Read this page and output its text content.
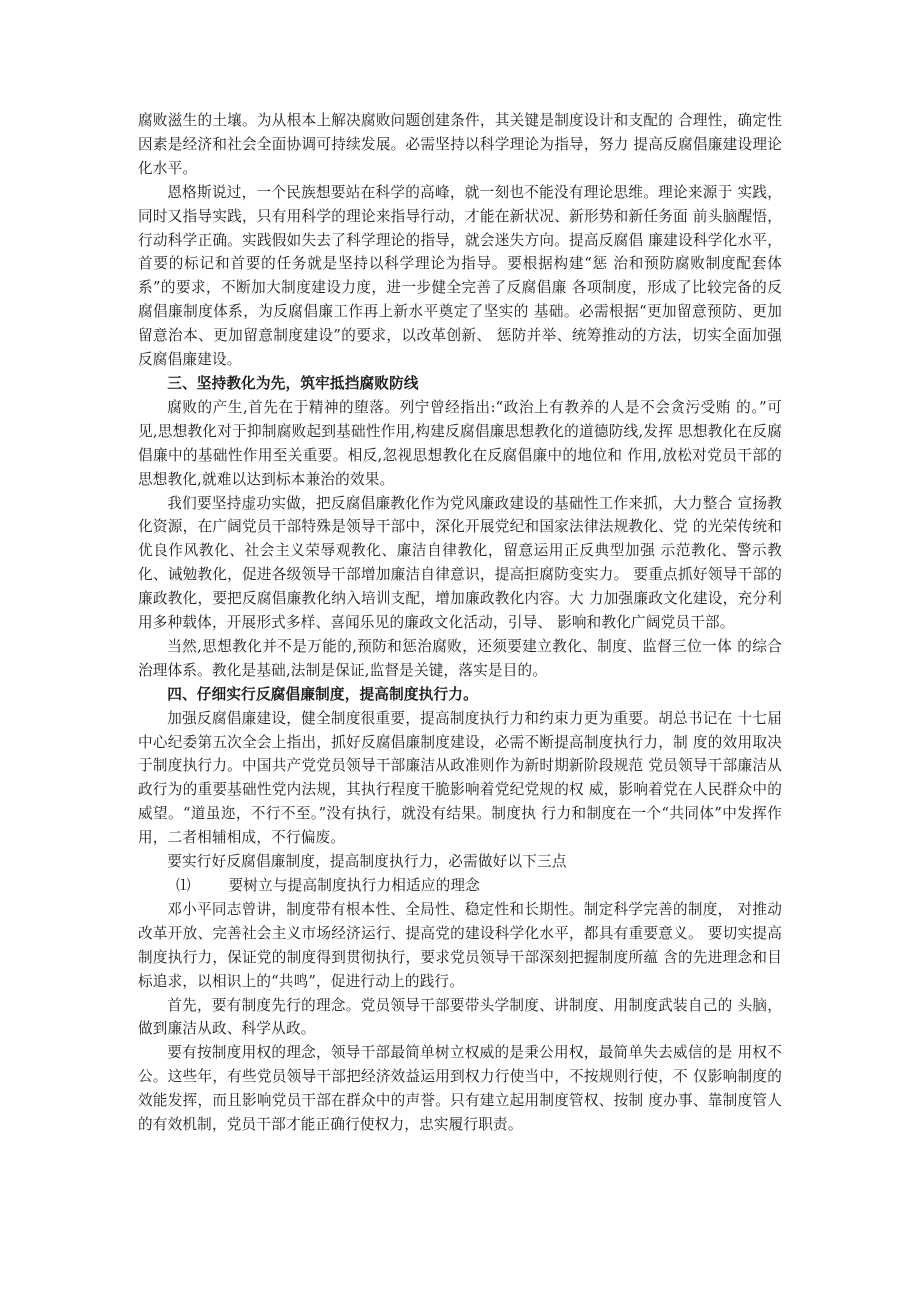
腐败滋生的土壤。为从根本上解决腐败问题创建条件，其关键是制度设计和支配的 合理性，确定性因素是经济和社会全面协调可持续发展。必需坚持以科学理论为指导，努力 提高反腐倡廉建设理论化水平。

恩格斯说过，一个民族想要站在科学的高峰，就一刻也不能没有理论思维。理论来源于 实践，同时又指导实践，只有用科学的理论来指导行动，才能在新状况、新形势和新任务面 前头脑醒悟，行动科学正确。实践假如失去了科学理论的指导，就会迷失方向。提高反腐倡 廉建设科学化水平，首要的标记和首要的任务就是坚持以科学理论为指导。要根据构建“惩 治和预防腐败制度配套体系”的要求，不断加大制度建设力度，进一步健全完善了反腐倡廉 各项制度，形成了比较完备的反腐倡廉制度体系，为反腐倡廉工作再上新水平奠定了坚实的 基础。必需根据“更加留意预防、更加留意治本、更加留意制度建设”的要求，以改革创新、 惩防并举、统筹推动的方法，切实全面加强反腐倡廉建设。

三、坚持教化为先，筑牢抵挡腐败防线

腐败的产生,首先在于精神的堕落。列宁曾经指出:“政治上有教养的人是不会贪污受贿 的。”可见,思想教化对于抑制腐败起到基础性作用,构建反腐倡廉思想教化的道德防线,发挥 思想教化在反腐倡廉中的基础性作用至关重要。相反,忽视思想教化在反腐倡廉中的地位和 作用,放松对党员干部的思想教化,就难以达到标本兼治的效果。

我们要坚持虚功实做，把反腐倡廉教化作为党风廉政建设的基础性工作来抓，大力整合 宣扬教化资源，在广阔党员干部特殊是领导干部中，深化开展党纪和国家法律法规教化、党 的光荣传统和优良作风教化、社会主义荣辱观教化、廉洁自律教化，留意运用正反典型加强 示范教化、警示教化、诫勉教化，促进各级领导干部增加廉洁自律意识，提高拒腐防变实力。 要重点抓好领导干部的廉政教化，要把反腐倡廉教化纳入培训支配，增加廉政教化内容。大 力加强廉政文化建设，充分利用多种载体，开展形式多样、喜闻乐见的廉政文化活动，引导、 影响和教化广阔党员干部。

当然,思想教化并不是万能的,预防和惩治腐败，还须要建立教化、制度、监督三位一体 的综合治理体系。教化是基础,法制是保证,监督是关键，落实是目的。

四、仔细实行反腐倡廉制度，提高制度执行力。

加强反腐倡廉建设，健全制度很重要，提高制度执行力和约束力更为重要。胡总书记在 十七届中心纪委第五次全会上指出，抓好反腐倡廉制度建设，必需不断提高制度执行力，制 度的效用取决于制度执行力。中国共产党党员领导干部廉洁从政准则作为新时期新阶段规范 党员领导干部廉洁从政行为的重要基础性党内法规，其执行程度干脆影响着党纪党规的权 威，影响着党在人民群众中的威望。“道虽迩，不行不至。”没有执行，就没有结果。制度执 行力和制度在一个“共同体”中发挥作用，二者相辅相成，不行偏废。

要实行好反腐倡廉制度，提高制度执行力，必需做好以下三点

⑴	要树立与提高制度执行力相适应的理念

邓小平同志曾讲，制度带有根本性、全局性、稳定性和长期性。制定科学完善的制度， 对推动改革开放、完善社会主义市场经济运行、提高党的建设科学化水平，都具有重要意义。 要切实提高制度执行力，保证党的制度得到贯彻执行，要求党员领导干部深刻把握制度所蕴 含的先进理念和目标追求，以相识上的“共鸣”，促进行动上的践行。

首先，要有制度先行的理念。党员领导干部要带头学制度、讲制度、用制度武装自己的 头脑，做到廉洁从政、科学从政。

要有按制度用权的理念，领导干部最简单树立权威的是秉公用权，最简单失去威信的是 用权不公。这些年，有些党员领导干部把经济效益运用到权力行使当中，不按规则行使，不 仅影响制度的效能发挥，而且影响党员干部在群众中的声誉。只有建立起用制度管权、按制 度办事、靠制度管人的有效机制，党员干部才能正确行使权力，忠实履行职责。
